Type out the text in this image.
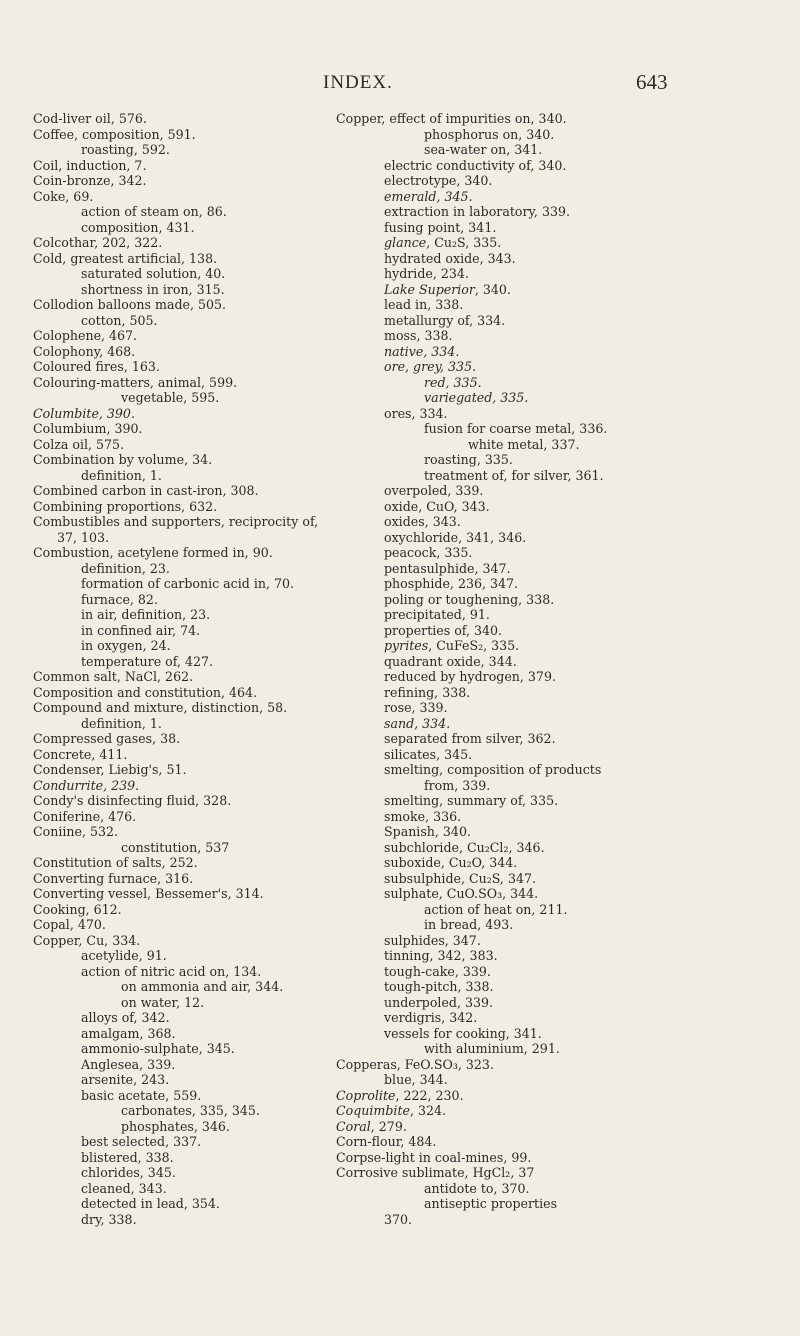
INDEX.	643
Cod-liver oil, 576.
Coffee, composition, 591.
roasting, 592.
Coil, induction, 7.
Coin-bronze, 342.
Coke, 69.
action of steam on, 86.
composition, 431.
Colcothar, 202, 322.
Cold, greatest artificial, 138.
saturated solution, 40.
shortness in iron, 315.
Collodion balloons made, 505.
cotton, 505.
Colophene, 467.
Colophony, 468.
Coloured fires, 163.
Colouring-matters, animal, 599.
vegetable, 595.
Columbite, 390.
Columbium, 390.
Colza oil, 575.
Combination by volume, 34.
definition, 1.
Combined carbon in cast-iron, 308.
Combining proportions, 632.
Combustibles and supporters, reciprocity of,
37, 103.
Combustion, acetylene formed in, 90.
definition, 23.
formation of carbonic acid in, 70.
furnace, 82.
in air, definition, 23.
in confined air, 74.
in oxygen, 24.
temperature of, 427.
Common salt, NaCl, 262.
Composition and constitution, 464.
Compound and mixture, distinction, 58.
definition, 1.
Compressed gases, 38.
Concrete, 411.
Condenser, Liebig's, 51.
Condurrite, 239.
Condy's disinfecting fluid, 328.
Coniferine, 476.
Coniine, 532.
constitution, 537
Constitution of salts, 252.
Converting furnace, 316.
Converting vessel, Bessemer's, 314.
Cooking, 612.
Copal, 470.
Copper, Cu, 334.
acetylide, 91.
action of nitric acid on, 134.
on ammonia and air, 344.
on water, 12.
alloys of, 342.
amalgam, 368.
ammonio-sulphate, 345.
Anglesea, 339.
arsenite, 243.
basic acetate, 559.
carbonates, 335, 345.
phosphates, 346.
best selected, 337.
blistered, 338.
chlorides, 345.
cleaned, 343.
detected in lead, 354.
dry, 338.
Copper, effect of impurities on, 340.
phosphorus on, 340.
sea-water on, 341.
electric conductivity of, 340.
electrotype, 340.
emerald, 345.
extraction in laboratory, 339.
fusing point, 341.
glance, Cu₂S, 335.
hydrated oxide, 343.
hydride, 234.
Lake Superior, 340.
lead in, 338.
metallurgy of, 334.
moss, 338.
native, 334.
ore, grey, 335.
red, 335.
variegated, 335.
ores, 334.
fusion for coarse metal, 336.
white metal, 337.
roasting, 335.
treatment of, for silver, 361.
overpoled, 339.
oxide, CuO, 343.
oxides, 343.
oxychloride, 341, 346.
peacock, 335.
pentasulphide, 347.
phosphide, 236, 347.
poling or toughening, 338.
precipitated, 91.
properties of, 340.
pyrites, CuFeS₂, 335.
quadrant oxide, 344.
reduced by hydrogen, 379.
refining, 338.
rose, 339.
sand, 334.
separated from silver, 362.
silicates, 345.
smelting, composition of products
from, 339.
smelting, summary of, 335.
smoke, 336.
Spanish, 340.
subchloride, Cu₂Cl₂, 346.
suboxide, Cu₂O, 344.
subsulphide, Cu₂S, 347.
sulphate, CuO.SO₃, 344.
action of heat on, 211.
in bread, 493.
sulphides, 347.
tinning, 342, 383.
tough-cake, 339.
tough-pitch, 338.
underpoled, 339.
verdigris, 342.
vessels for cooking, 341.
with aluminium, 291.
Copperas, FeO.SO₃, 323.
blue, 344.
Coprolite, 222, 230.
Coquimbite, 324.
Coral, 279.
Corn-flour, 484.
Corpse-light in coal-mines, 99.
Corrosive sublimate, HgCl₂, 37
antidote to, 370.
antiseptic properties
370.
